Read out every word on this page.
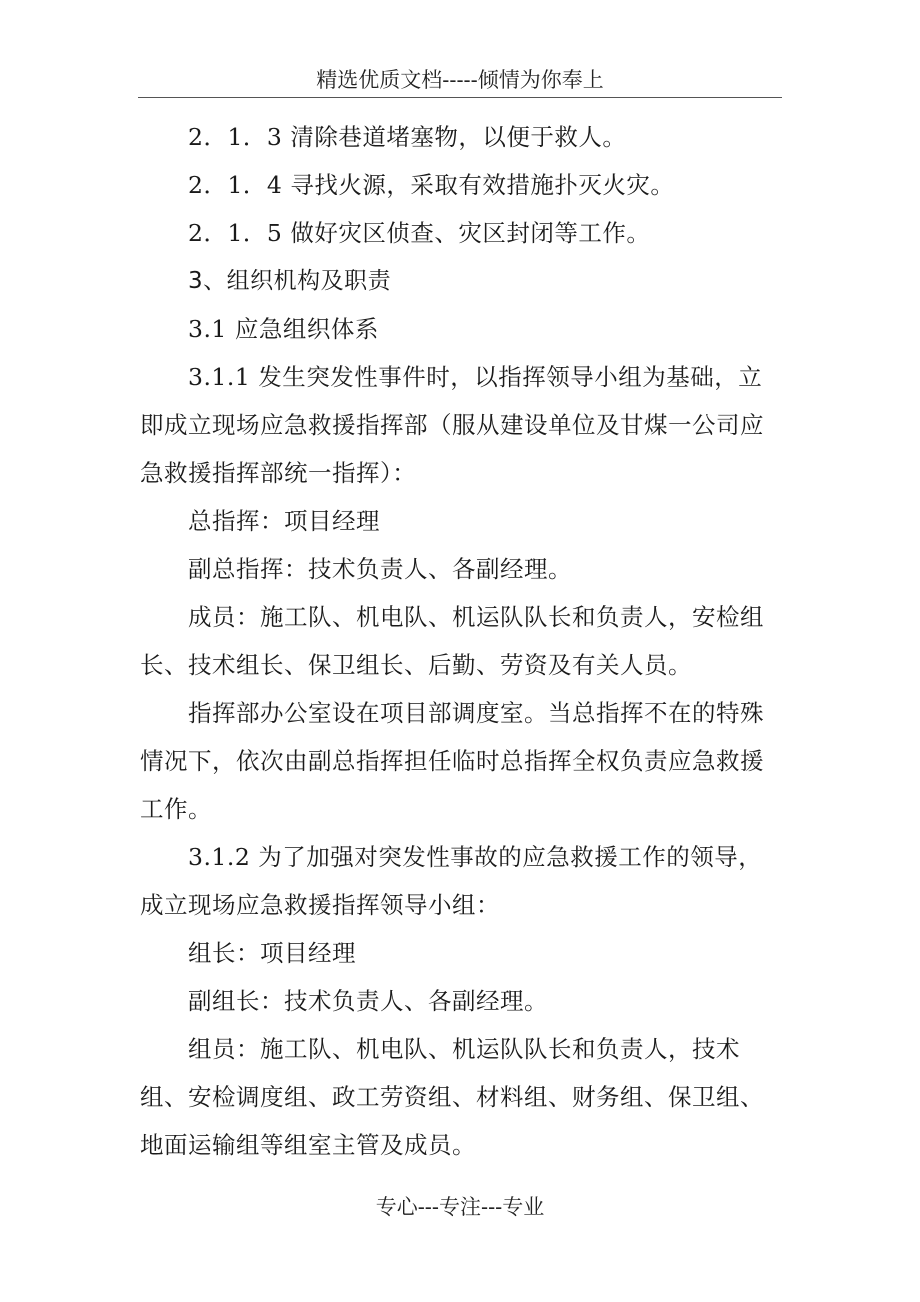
精选优质文档-----倾情为你奉上

2．1．3 清除巷道堵塞物，以便于救人。

2．1．4 寻找火源，采取有效措施扑灭火灾。

2．1．5 做好灾区侦查、灾区封闭等工作。

3、组织机构及职责

3.1 应急组织体系

3.1.1 发生突发性事件时，以指挥领导小组为基础，立即成立现场应急救援指挥部（服从建设单位及甘煤一公司应急救援指挥部统一指挥）：

总指挥：项目经理

副总指挥：技术负责人、各副经理。

成员：施工队、机电队、机运队队长和负责人，安检组长、技术组长、保卫组长、后勤、劳资及有关人员。

指挥部办公室设在项目部调度室。当总指挥不在的特殊情况下，依次由副总指挥担任临时总指挥全权负责应急救援工作。

3.1.2 为了加强对突发性事故的应急救援工作的领导，成立现场应急救援指挥领导小组：

组长：项目经理

副组长：技术负责人、各副经理。

组员：施工队、机电队、机运队队长和负责人，技术组、安检调度组、政工劳资组、材料组、财务组、保卫组、地面运输组等组室主管及成员。

专心---专注---专业
